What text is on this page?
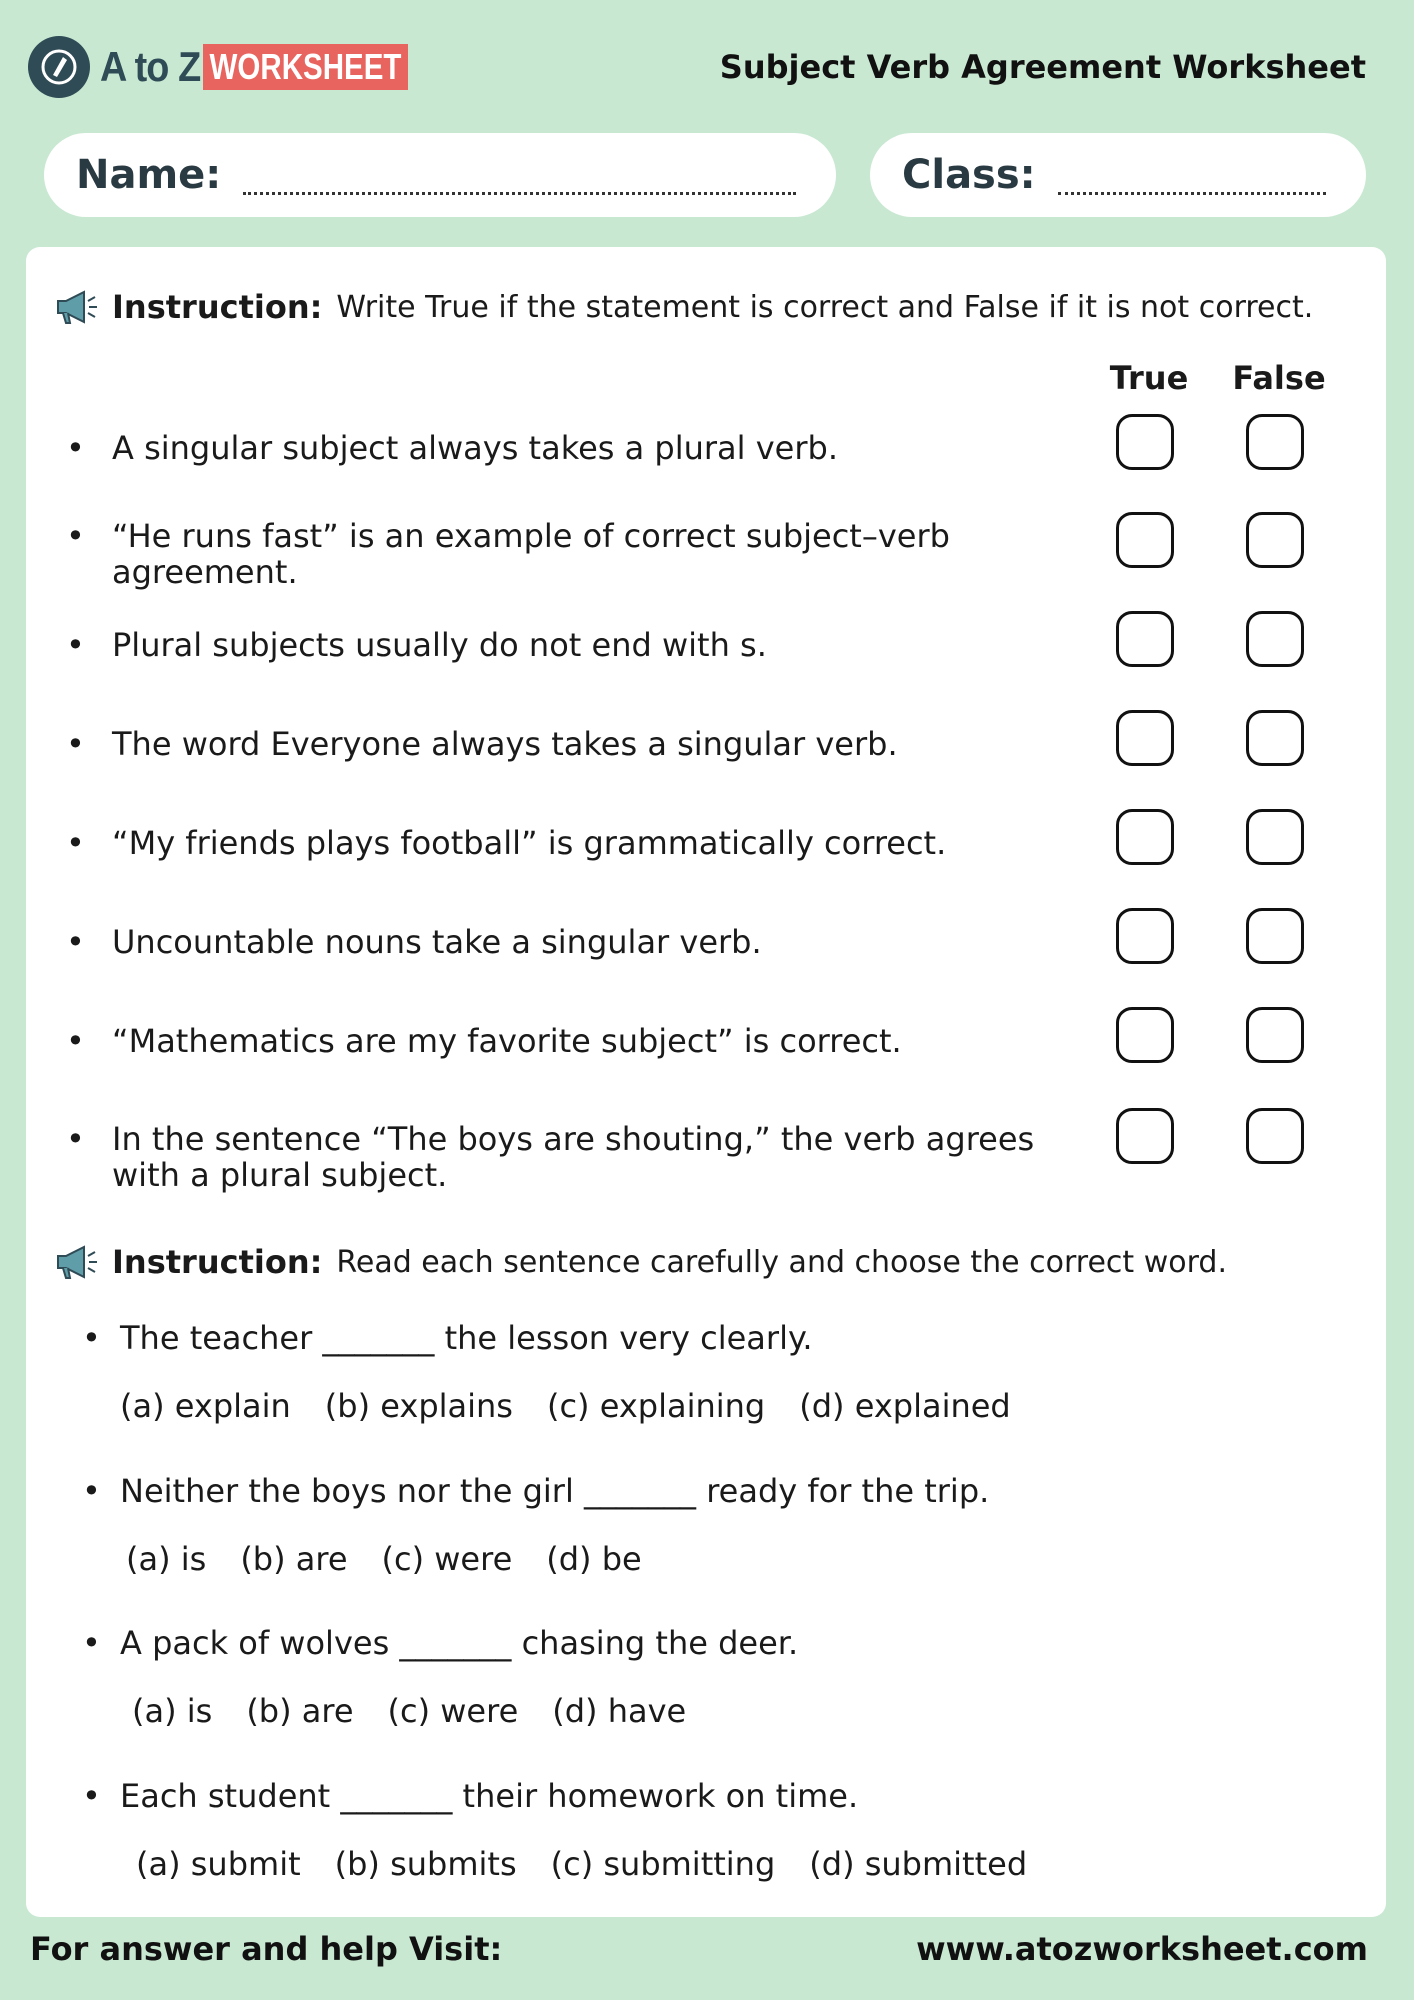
A to Z WORKSHEET	Subject Verb Agreement Worksheet
Name:	Class:
Instruction: Write True if the statement is correct and False if it is not correct.
True	False
• A singular subject always takes a plural verb.
• “He runs fast” is an example of correct subject–verb agreement.
• Plural subjects usually do not end with s.
• The word Everyone always takes a singular verb.
• “My friends plays football” is grammatically correct.
• Uncountable nouns take a singular verb.
• “Mathematics are my favorite subject” is correct.
• In the sentence “The boys are shouting,” the verb agrees with a plural subject.
Instruction: Read each sentence carefully and choose the correct word.
• The teacher _______ the lesson very clearly.
(a) explain (b) explains (c) explaining (d) explained
• Neither the boys nor the girl _______ ready for the trip.
(a) is (b) are (c) were (d) be
• A pack of wolves _______ chasing the deer.
(a) is (b) are (c) were (d) have
• Each student _______ their homework on time.
(a) submit (b) submits (c) submitting (d) submitted
For answer and help Visit:	www.atozworksheet.com
